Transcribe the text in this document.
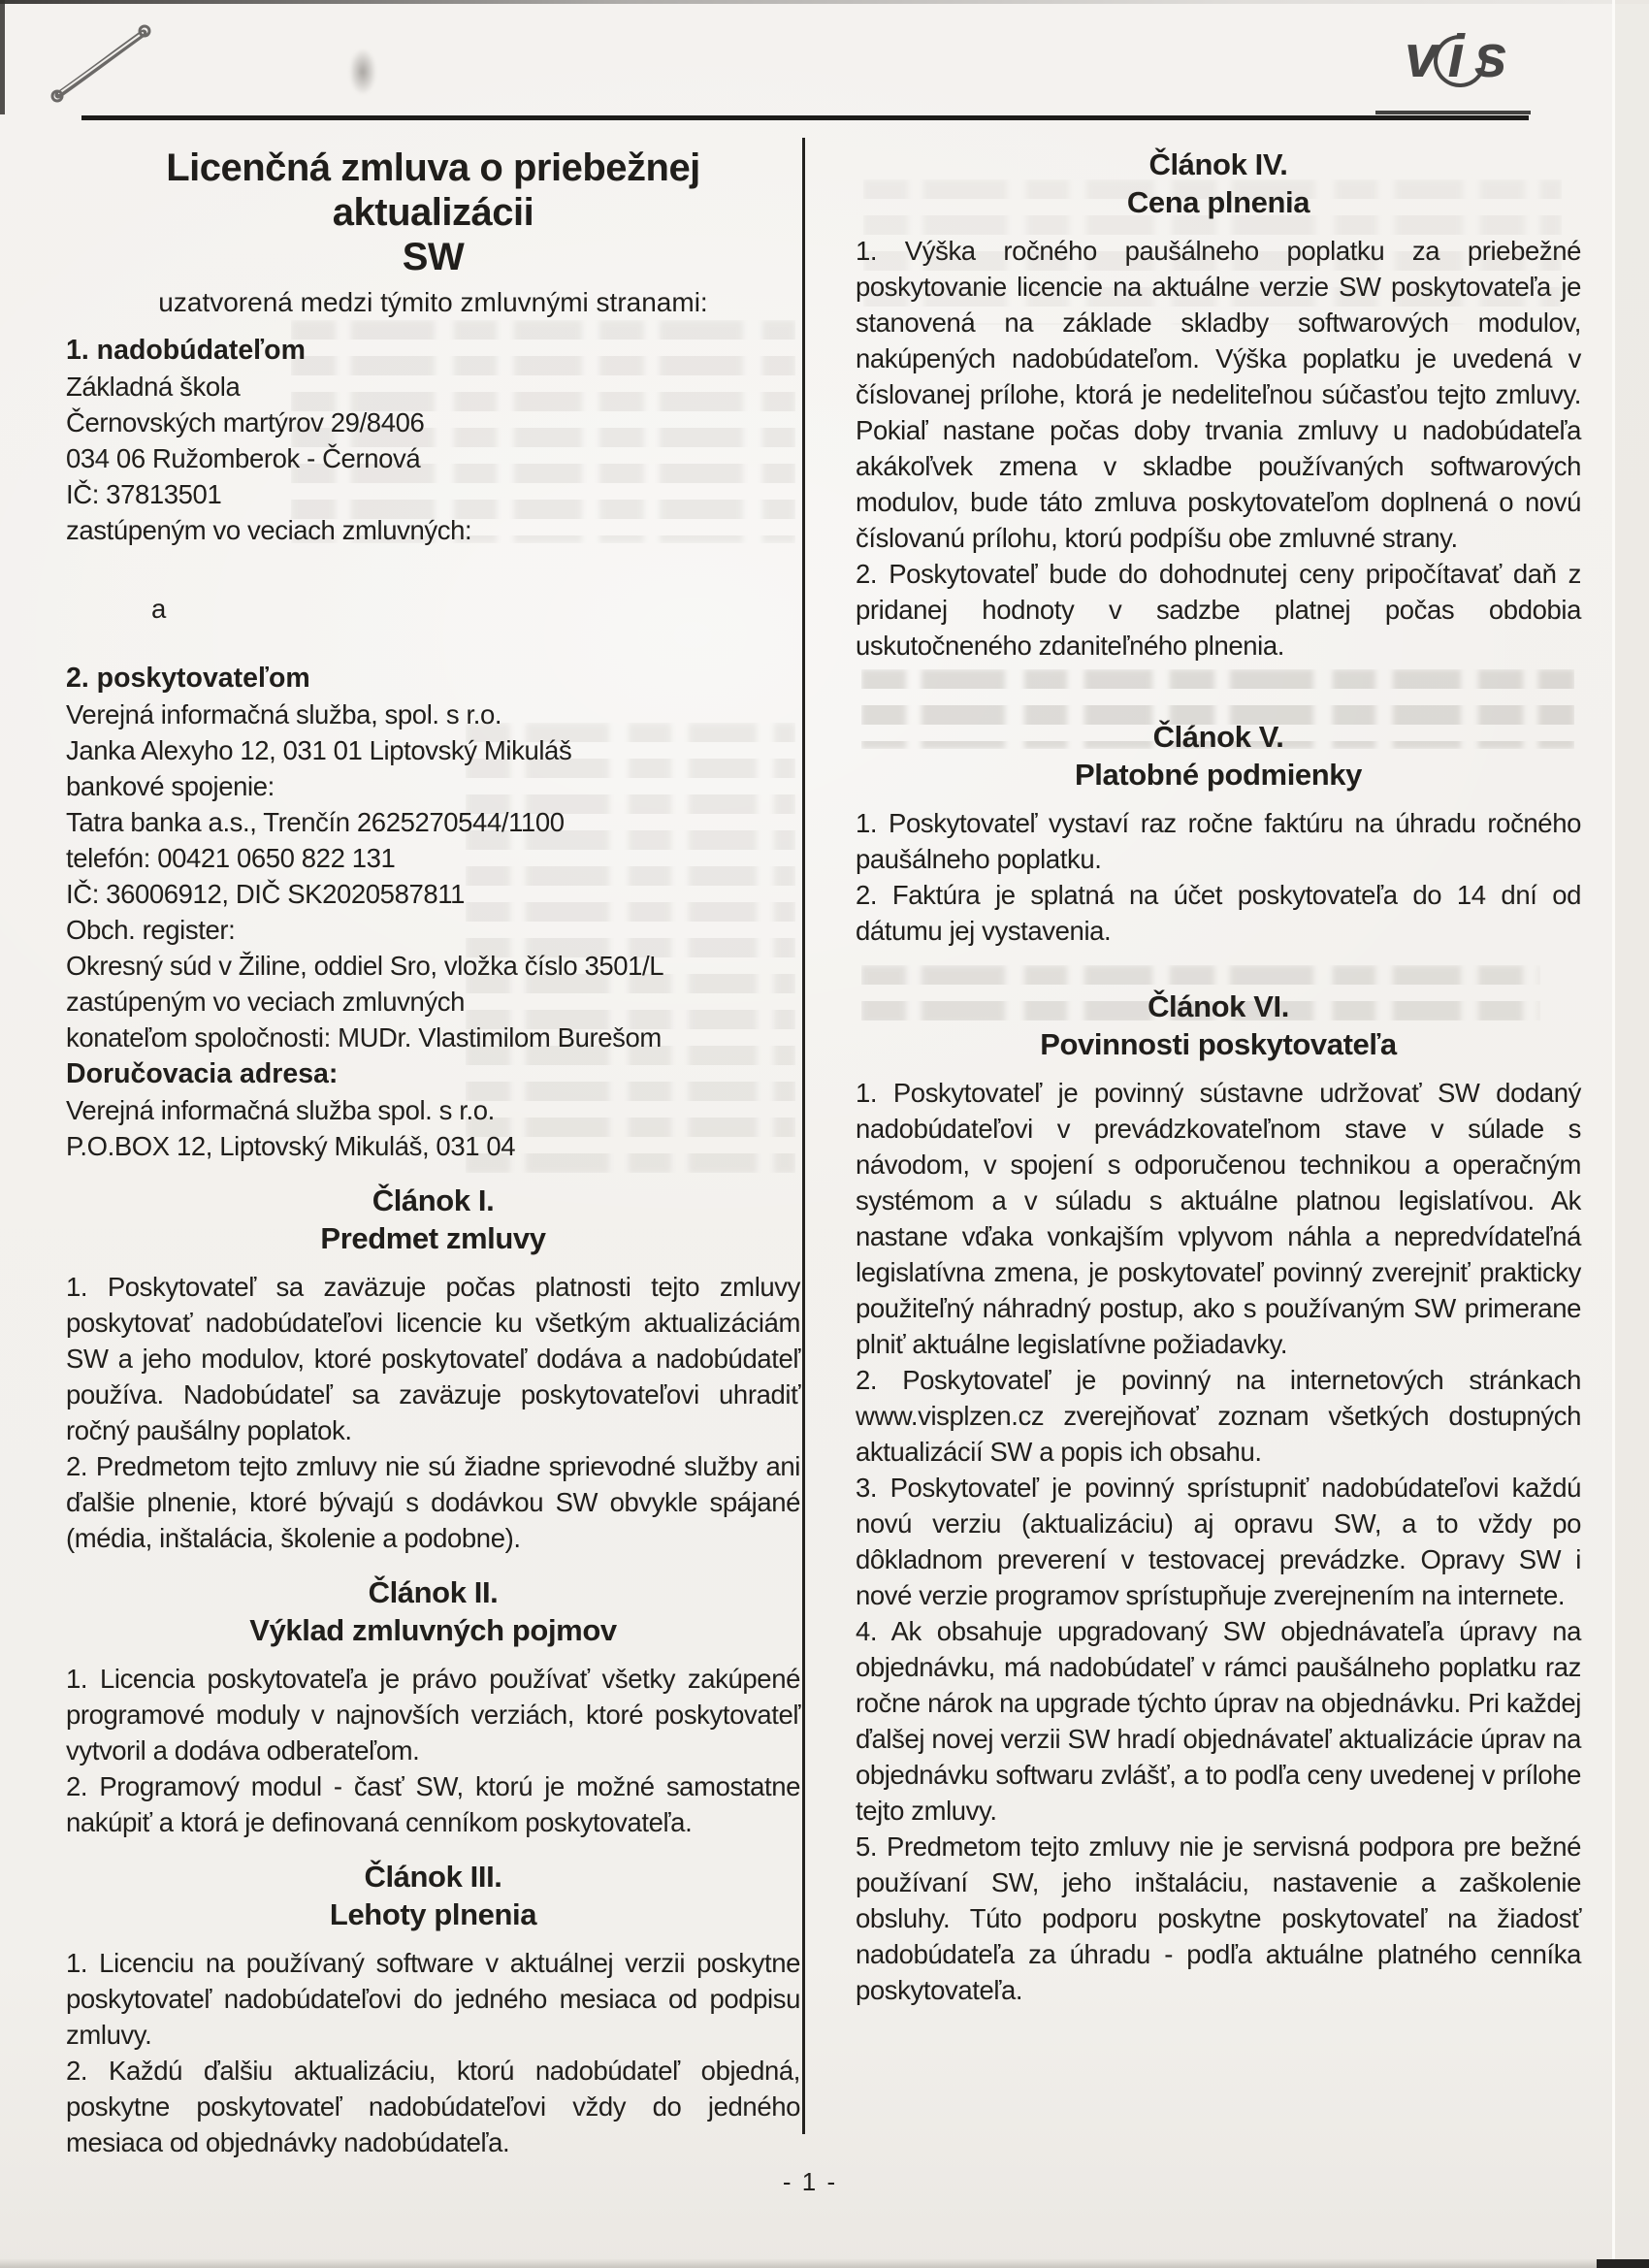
v i s
Licenčná zmluva o priebežnej aktualizácii
SW
uzatvorená medzi týmito zmluvnými stranami:
1. nadobúdateľom
Základná škola
Černovských martýrov 29/8406
034 06 Ružomberok - Černová
IČ: 37813501
zastúpeným vo veciach zmluvných:
a
2. poskytovateľom
Verejná informačná služba, spol. s r.o.
Janka Alexyho 12, 031 01 Liptovský Mikuláš
bankové spojenie:
Tatra banka a.s., Trenčín 2625270544/1100
telefón: 00421 0650 822 131
IČ: 36006912, DIČ SK2020587811
Obch. register:
Okresný súd v Žiline, oddiel Sro, vložka číslo 3501/L
zastúpeným vo veciach zmluvných
konateľom spoločnosti: MUDr. Vlastimilom Burešom
Doručovacia adresa:
Verejná informačná služba spol. s r.o.
P.O.BOX 12, Liptovský Mikuláš, 031 04
Článok I.
Predmet zmluvy

1. Poskytovateľ sa zaväzuje počas platnosti tejto zmluvy poskytovať nadobúdateľovi licencie ku všetkým aktualizáciám SW a jeho modulov, ktoré poskytovateľ dodáva a nadobúdateľ používa. Nadobúdateľ sa zaväzuje poskytovateľovi uhradiť ročný paušálny poplatok.

2. Predmetom tejto zmluvy nie sú žiadne sprievodné služby ani ďalšie plnenie, ktoré bývajú s dodávkou SW obvykle spájané (média, inštalácia, školenie a podobne).

Článok II.
Výklad zmluvných pojmov

1. Licencia poskytovateľa je právo používať všetky zakúpené programové moduly v najnovších verziách, ktoré poskytovateľ vytvoril a dodáva odberateľom.

2. Programový modul - časť SW, ktorú je možné samostatne nakúpiť a ktorá je definovaná cenníkom poskytovateľa.

Článok III.
Lehoty plnenia

1. Licenciu na používaný software v aktuálnej verzii poskytne poskytovateľ nadobúdateľovi do jedného mesiaca od podpisu zmluvy.

2. Každú ďalšiu aktualizáciu, ktorú nadobúdateľ objedná, poskytne poskytovateľ nadobúdateľovi vždy do jedného mesiaca od objednávky nadobúdateľa.

Článok IV.
Cena plnenia

1. Výška ročného paušálneho poplatku za priebežné poskytovanie licencie na aktuálne verzie SW poskytovateľa je stanovená na základe skladby softwarových modulov, nakúpených nadobúdateľom. Výška poplatku je uvedená v číslovanej prílohe, ktorá je nedeliteľnou súčasťou tejto zmluvy. Pokiaľ nastane počas doby trvania zmluvy u nadobúdateľa akákoľvek zmena v skladbe používaných softwarových modulov, bude táto zmluva poskytovateľom doplnená o novú číslovanú prílohu, ktorú podpíšu obe zmluvné strany.

2. Poskytovateľ bude do dohodnutej ceny pripočítavať daň z pridanej hodnoty v sadzbe platnej počas obdobia uskutočneného zdaniteľného plnenia.

Článok V.
Platobné podmienky

1. Poskytovateľ vystaví raz ročne faktúru na úhradu ročného paušálneho poplatku.

2. Faktúra je splatná na účet poskytovateľa do 14 dní od dátumu jej vystavenia.

Článok VI.
Povinnosti poskytovateľa

1. Poskytovateľ je povinný sústavne udržovať SW dodaný nadobúdateľovi v prevádzkovateľnom stave v súlade s návodom, v spojení s odporučenou technikou a operačným systémom a v súladu s aktuálne platnou legislatívou. Ak nastane vďaka vonkajším vplyvom náhla a nepredvídateľná legislatívna zmena, je poskytovateľ povinný zverejniť prakticky použiteľný náhradný postup, ako s používaným SW primerane plniť aktuálne legislatívne požiadavky.

2. Poskytovateľ je povinný na internetových stránkach www.visplzen.cz zverejňovať zoznam všetkých dostupných aktualizácií SW a popis ich obsahu.

3. Poskytovateľ je povinný sprístupniť nadobúdateľovi každú novú verziu (aktualizáciu) aj opravu SW, a to vždy po dôkladnom preverení v testovacej prevádzke. Opravy SW i nové verzie programov sprístupňuje zverejnením na internete.

4. Ak obsahuje upgradovaný SW objednávateľa úpravy na objednávku, má nadobúdateľ v rámci paušálneho poplatku raz ročne nárok na upgrade týchto úprav na objednávku. Pri každej ďalšej novej verzii SW hradí objednávateľ aktualizácie úprav na objednávku softwaru zvlášť, a to podľa ceny uvedenej v prílohe tejto zmluvy.

5. Predmetom tejto zmluvy nie je servisná podpora pre bežné používaní SW, jeho inštaláciu, nastavenie a zaškolenie obsluhy. Túto podporu poskytne poskytovateľ na žiadosť nadobúdateľa za úhradu - podľa aktuálne platného cenníka poskytovateľa.

- 1 -
